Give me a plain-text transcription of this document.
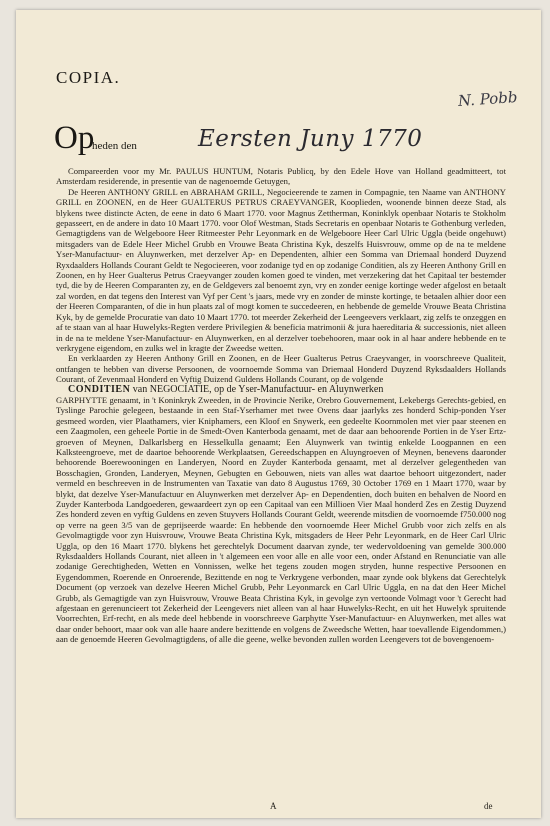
COPIA.
N. Pobb
Op
heden den	Eersten Juny 1770

Compareerden voor my Mr. PAULUS HUNTUM, Notaris Publicq, by den Edele Hove van Holland geadmitteert, tot Amsterdam residerende, in presentie van de nagenoemde Getuygen,

De Heeren ANTHONY GRILL en ABRAHAM GRILL, Negocieerende te zamen in Compagnie, ten Naame van ANTHONY GRILL en ZOONEN, en de Heer GUALTERUS PETRUS CRAEYVANGER, Kooplieden, woonende binnen deeze Stad, als blykens twee distincte Acten, de eene in dato 6 Maart 1770. voor Magnus Zettherman, Koninklyk openbaar Notaris te Stokholm gepasseert, en de andere in dato 10 Maart 1770. voor Olof Westman, Stads Secretaris en openbaar Notaris te Gothenburg verleden, Gemagtigdens van de Welgeboore Heer Ritmeester Pehr Leyonmark en de Welgeboore Heer Carl Ulric Uggla (beide ongehuwt) mitsgaders van de Edele Heer Michel Grubb en Vrouwe Beata Christina Kyk, deszelfs Huisvrouw, omme op de na te meldene Yser-Manufactuur- en Aluynwerken, met derzelver Ap- en Dependenten, alhier een Somma van Driemaal honderd Duyzend Ryxdaalders Hollands Courant Geldt te Negocieeren, voor zodanige tyd en op zodanige Conditien, als zy Heeren Anthony Grill en Zoonen, en hy Heer Gualterus Petrus Craeyvanger zouden komen goed te vinden, met verzekering dat het Capitaal ter bestemder tyd, die by de Heeren Comparanten zy, en de Geldgevers zal benoemt zyn, vry en zonder eenige kortinge weder afgelost en betaalt zal worden, en dat tegens den Interest van Vyf per Cent 's jaars, mede vry en zonder de minste kortinge, te betaalen alhier door een der Heeren Comparanten, of die in hun plaats zal of mogt komen te succedeeren, en hebbende de gemelde Vrouwe Beata Christina Kyk, by de gemelde Procuratie van dato 10 Maart 1770. tot meerder Zekerheid der Leengeevers verklaart, zig zelfs te onzeggen en af te staan van al haar Huwelyks-Regten verdere Privilegien & beneficia matrimonii & jura haereditaria & successionis, niet alleen in de na te meldene Yser-Manufactuur- en Aluynwerken, en al derzelver toebehooren, maar ook in al haar andere hebbende en te verkrygene eigendom, en zulks wel in kragte der Zweedse wetten.

En verklaarden zy Heeren Anthony Grill en Zoonen, en de Heer Gualterus Petrus Craeyvanger, in voorschreeve Qualiteit, ontfangen te hebben van diverse Persoonen, de voornoemde Somma van Driemaal Honderd Duyzend Ryksdaalders Hollands Courant, of Zevenmaal Honderd en Vyftig Duizend Guldens Hollands Courant, op de volgende

CONDITIEN van NEGOCIATIE, op de Yser-Manufactuur- en Aluynwerken

GARPHYTTE genaamt, in 't Koninkryk Zweeden, in de Provincie Nerike, Orebro Gouvernement, Lekebergs Gerechts-gebied, en Tyslinge Parochie gelegeen, bestaande in een Staf-Yserhamer met twee Ovens daar jaarlyks zes honderd Schip-ponden Yser gesmeed worden, vier Plaathamers, vier Kniphamers, een Kloof en Snywerk, een gedeelte Koornmolen met vier paar steenen en een Zaagmolen, een geheele Portie in de Smedt-Oven Kanterboda genaamt, met de daar aan behoorende Portien in de Yser Ertz-groeven of Meynen, Dalkarlsberg en Hesselkulla genaamt; Een Aluynwerk van twintig enkelde Loogpannen en een Kalksteengroeve, met de daartoe behoorende Werkplaatsen, Gereedschappen en Aluyngroeven of Meynen, benevens daaronder behoorende Boerewooningen en Landeryen, Noord en Zuyder Kanterboda genaamt, met al derzelver gelegentheden van Bosschagien, Gronden, Landeryen, Meynen, Gebugten en Gebouwen, niets van alles wat daartoe behoort uitgezondert, nader vermeld en beschreeven in de Instrumenten van Taxatie van dato 8 Augustus 1769, 30 October 1769 en 1 Maart 1770, waar by blykt, dat dezelve Yser-Manufactuur en Aluynwerken met derzelver Ap- en Dependentien, doch buiten en behalven de Noord en Zuyder Kanterboda Landgoederen, gewaardeert zyn op een Capitaal van een Millioen Vier Maal honderd Zes en Zestig Duyzend Zes honderd zeven en vyftig Guldens en zeven Stuyvers Hollands Courant Geldt, weerende mitsdien de voornoemde f750.000 nog op verre na geen 3/5 van de geprijseerde waarde: En hebbende den voornoemde Heer Michel Grubb voor zich zelfs en als Gevolmagtigde voor zyn Huisvrouw, Vrouwe Beata Christina Kyk, mitsgaders de Heer Pehr Leyonmark, en de Heer Carl Ulric Uggla, op den 16 Maart 1770. blykens het gerechtelyk Document daarvan zynde, ter wedervoldoening van gemelde 300.000 Ryksdaalders Hollands Courant, niet alleen in 't algemeen een voor alle en alle voor een, onder Afstand en Renunciatie van alle zodanige Gerechtigheden, Wetten en Vonnissen, welke het tegens zouden mogen stryden, hunne respective Persoonen en Eygendommen, Roerende en Onroerende, Bezittende en nog te Verkrygene verbonden, maar zynde ook blykens dat Gerechtelyk Document (op verzoek van dezelve Heeren Michel Grubb, Pehr Leyonmarck en Carl Ulric Uggla, en na dat den Heer Michel Grubb, als Gemagtigde van zyn Huisvrouw, Vrouwe Beata Christina Kyk, in gevolge zyn vertoonde Volmagt voor 't Gerecht had afgestaan en gerenuncieert tot Zekerheid der Leengevers niet alleen van al haar Huwelyks-Recht, en uit het Huwelyk spruitende Voorrechten, Erf-recht, en als mede deel hebbende in voorschreeve Garphytte Yser-Manufactuur- en Aluynwerken, met alles wat daar onder behoort, maar ook van alle haare andere bezittende en volgens de Zweedsche Wetten, haar toevallende Eigendommen,) aan de genoemde Heeren Gevolmagtigdens, of alle die geene, welke bevonden zullen worden Leengevers tot de bovengenoem-

A	de
